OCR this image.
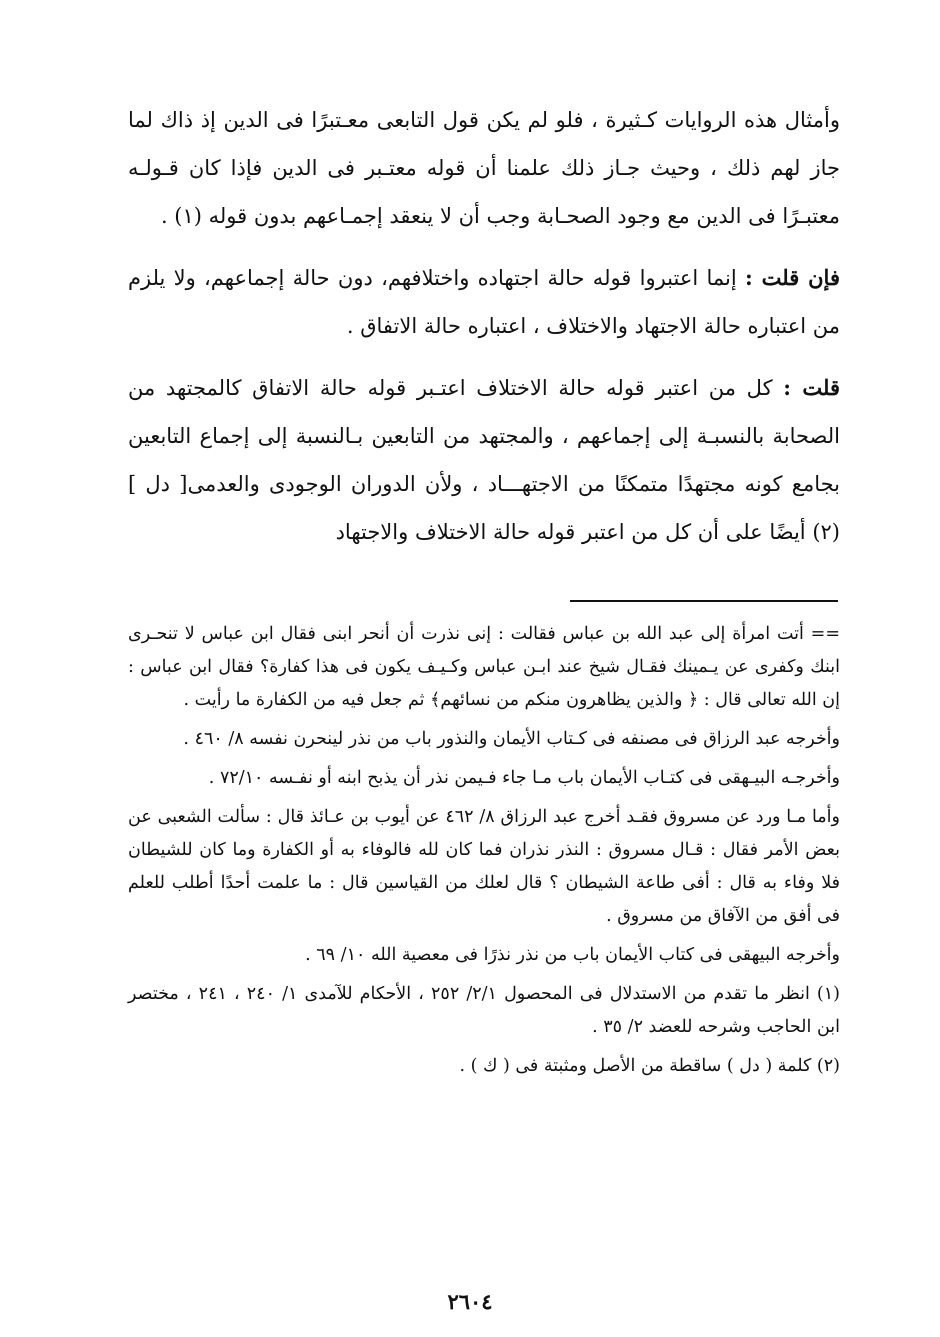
وأمثال هذه الروايات كـثيرة ، فلو لم يكن قول التابعى معـتبرًا فى الدين إذ ذاك لما جاز لهم ذلك ، وحيث جـاز ذلك علمنا أن قوله معتـبر فى الدين فإذا كان قـولـه معتبـرًا فى الدين مع وجود الصحـابة وجب أن لا ينعقد إجمـاعهم بدون قوله (١) .

فإن قلت : إنما اعتبروا قوله حالة اجتهاده واختلافهم، دون حالة إجماعهم، ولا يلزم من اعتباره حالة الاجتهاد والاختلاف ، اعتباره حالة الاتفاق .

قلت : كل من اعتبر قوله حالة الاختلاف اعتـبر قوله حالة الاتفاق كالمجتهد من الصحابة بالنسبـة إلى إجماعهم ، والمجتهد من التابعين بـالنسبة إلى إجماع التابعين بجامع كونه مجتهدًا متمكنًا من الاجتهـــاد ، ولأن الدوران الوجودى والعدمى[ دل ] (٢) أيضًا على أن كل من اعتبر قوله حالة الاختلاف والاجتهاد

== أتت امرأة إلى عبد الله بن عباس فقالت : إنى نذرت أن أنحر ابنى فقال ابن عباس لا تنحـرى ابنك وكفرى عن يـمينك فقـال شيخ عند ابـن عباس وكـيـف يكون فى هذا كفارة؟ فقال ابن عباس : إن الله تعالى قال : ﴿ والذين يظاهرون منكم من نسائهم﴾ ثم جعل فيه من الكفارة ما رأيت .

وأخرجه عبد الرزاق فى مصنفه فى كـتاب الأيمان والنذور باب من نذر لينحرن نفسه ٨/ ٤٦٠ .

وأخرجـه البيـهقى فى كتـاب الأيمان باب مـا جاء فـيمن نذر أن يذبح ابنه أو نفـسه ٧٢/١٠ .

وأما مـا ورد عن مسروق فقـد أخرج عبد الرزاق ٨/ ٤٦٢ عن أيوب بن عـائذ قال : سألت الشعبى عن بعض الأمر فقال : قـال مسروق : النذر نذران فما كان لله فالوفاء به أو الكفارة وما كان للشيطان فلا وفاء به قال : أفى طاعة الشيطان ؟ قال لعلك من القياسين قال : ما علمت أحدًا أطلب للعلم فى أفق من الآفاق من مسروق .

وأخرجه البيهقى فى كتاب الأيمان باب من نذر نذرًا فى معصية الله ١٠/ ٦٩ .

(١) انظر ما تقدم من الاستدلال فى المحصول ٢/١/ ٢٥٢ ، الأحكام للآمدى ١/ ٢٤٠ ، ٢٤١ ، مختصر ابن الحاجب وشرحه للعضد ٢/ ٣٥ .

(٢) كلمة ( دل ) ساقطة من الأصل ومثبتة فى ( ك ) .

٢٦٠٤
